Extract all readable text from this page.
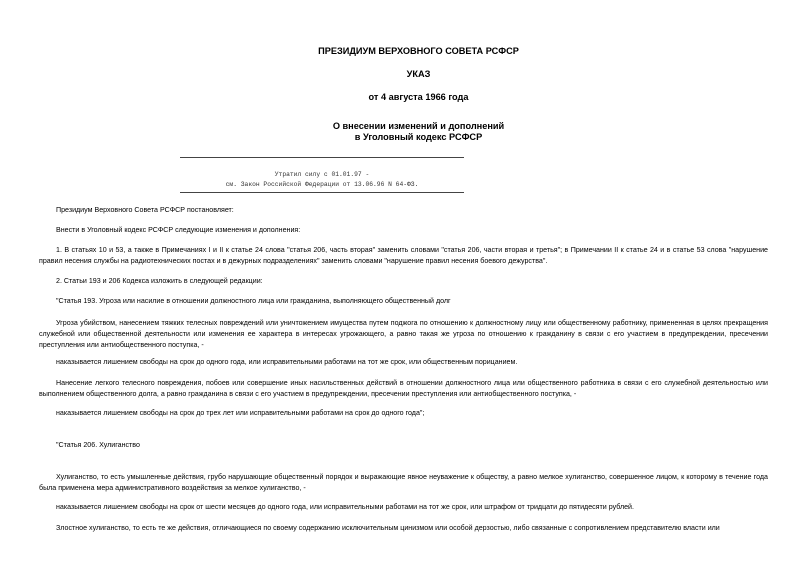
ПРЕЗИДИУМ ВЕРХОВНОГО СОВЕТА РСФСР
УКАЗ
от 4 августа 1966 года
О внесении изменений и дополнений
в Уголовный кодекс РСФСР
Утратил силу с 01.01.97 -
см. Закон Российской Федерации от 13.06.96 N 64-ФЗ.
Президиум Верховного Совета РСФСР постановляет:
Внести в Уголовный кодекс РСФСР следующие изменения и дополнения:
1. В статьях 10 и 53, а также в Примечаниях I и II к статье 24 слова "статья 206, часть вторая" заменить словами "статья 206, части вторая и третья"; в Примечании II к статье 24 и в статье 53 слова "нарушение правил несения службы на радиотехнических постах и в дежурных подразделениях" заменить словами "нарушение правил несения боевого дежурства".
2. Статьи 193 и 206 Кодекса изложить в следующей редакции:
"Статья 193. Угроза или насилие в отношении должностного лица или гражданина, выполняющего общественный долг
Угроза убийством, нанесением тяжких телесных повреждений или уничтожением имущества путем поджога по отношению к должностному лицу или общественному работнику, примененная в целях прекращения служебной или общественной деятельности или изменения ее характера в интересах угрожающего, а равно такая же угроза по отношению к гражданину в связи с его участием в предупреждении, пресечении преступления или антиобщественного поступка, -
наказывается лишением свободы на срок до одного года, или исправительными работами на тот же срок, или общественным порицанием.
Нанесение легкого телесного повреждения, побоев или совершение иных насильственных действий в отношении должностного лица или общественного работника в связи с его служебной деятельностью или выполнением общественного долга, а равно гражданина в связи с его участием в предупреждении, пресечении преступления или антиобщественного поступка, -
наказывается лишением свободы на срок до трех лет или исправительными работами на срок до одного года";
"Статья 206. Хулиганство
Хулиганство, то есть умышленные действия, грубо нарушающие общественный порядок и выражающие явное неуважение к обществу, а равно мелкое хулиганство, совершенное лицом, к которому в течение года была применена мера административного воздействия за мелкое хулиганство, -
наказывается лишением свободы на срок от шести месяцев до одного года, или исправительными работами на тот же срок, или штрафом от тридцати до пятидесяти рублей.
Злостное хулиганство, то есть те же действия, отличающиеся по своему содержанию исключительным цинизмом или особой дерзостью, либо связанные с сопротивлением представителю власти или
